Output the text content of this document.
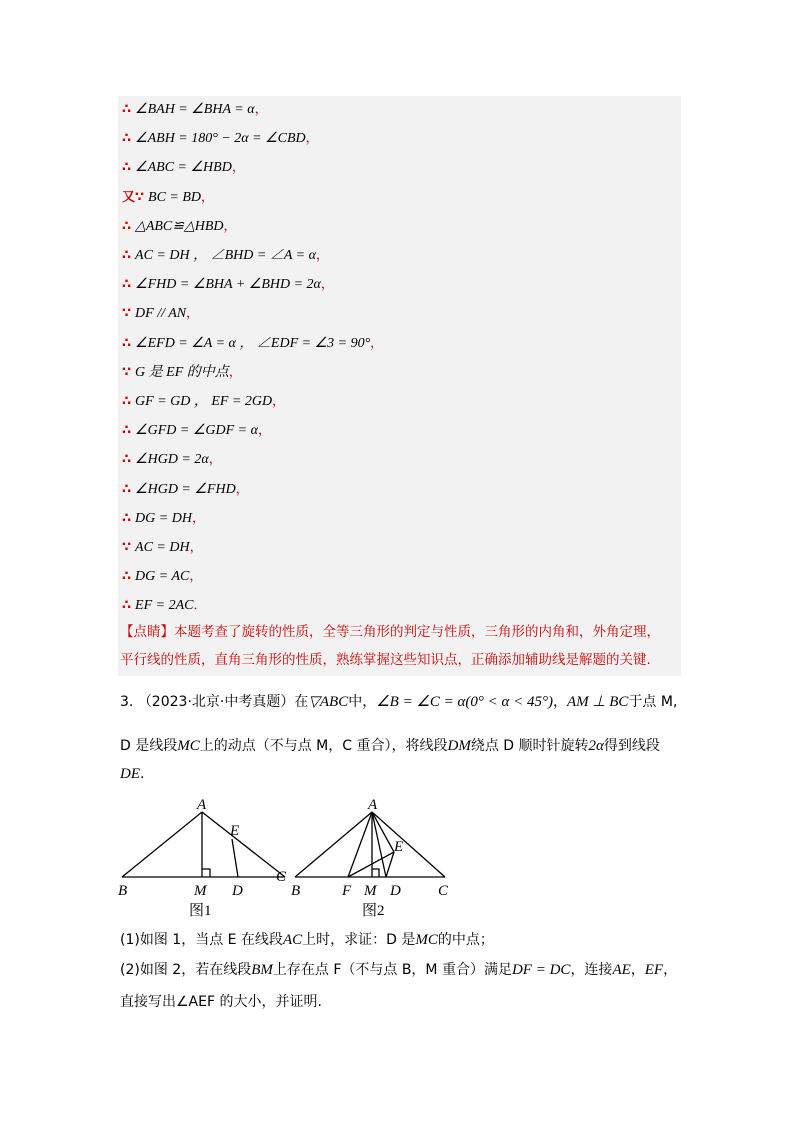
∴ ∠BAH = ∠BHA = α，
∴ ∠ABH = 180° − 2α = ∠CBD，
∴ ∠ABC = ∠HBD，
又∵ BC = BD，
∴ △ABC≌△HBD，
∴ AC = DH ， ∠BHD = ∠A = α，
∴ ∠FHD = ∠BHA + ∠BHD = 2α，
∵ DF // AN，
∴ ∠EFD = ∠A = α ， ∠EDF = ∠3 = 90°，
∵ G 是 EF 的中点，
∴ GF = GD ， EF = 2GD，
∴ ∠GFD = ∠GDF = α，
∴ ∠HGD = 2α，
∴ ∠HGD = ∠FHD，
∴ DG = DH，
∵ AC = DH，
∴ DG = AC，
∴ EF = 2AC．
【点睛】本题考查了旋转的性质，全等三角形的判定与性质，三角形的内角和，外角定理，
平行线的性质，直角三角形的性质，熟练掌握这些知识点，正确添加辅助线是解题的关键.
3. （2023·北京·中考真题）在▽ABC中，∠B = ∠C = α(0° < α < 45°)，AM ⊥ BC于点 M,
D 是线段MC上的动点（不与点 M，C 重合），将线段DM绕点 D 顺时针旋转2α得到线段
DE.
A
B	M D
C
E
图1
A
B	F M D C
E
图2
(1)如图 1，当点 E 在线段AC上时，求证：D 是MC的中点；
(2)如图 2，若在线段BM上存在点 F（不与点 B，M 重合）满足DF = DC，连接AE，EF，
直接写出∠AEF 的大小，并证明.
